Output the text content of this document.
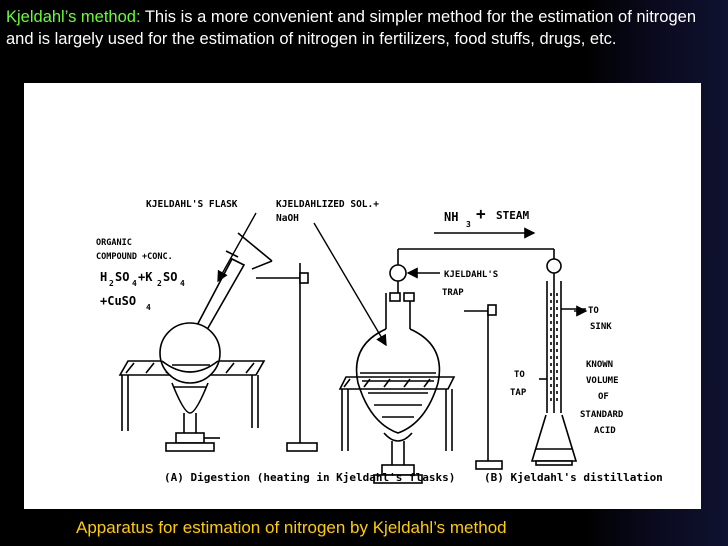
Kjeldahl’s method: This is a more convenient and simpler method for the estimation of nitrogen and is largely used for the estimation of nitrogen in fertilizers, food stuffs, drugs, etc.
KJELDAHL'S FLASK	KJELDAHLIZED SOL.+
NaOH
ORGANIC
COMPOUND +CONC.
H 2 SO 4 +K 2 SO 4
+CuSO 4
NH
3
+ STEAM
KJELDAHL'S
TRAP
TO
SINK
TO
TAP
KNOWN
VOLUME
OF
STANDARD
ACID
(A) Digestion (heating in Kjeldahl's flasks)	(B) Kjeldahl's distillation
Apparatus for estimation of nitrogen by Kjeldahl’s method
